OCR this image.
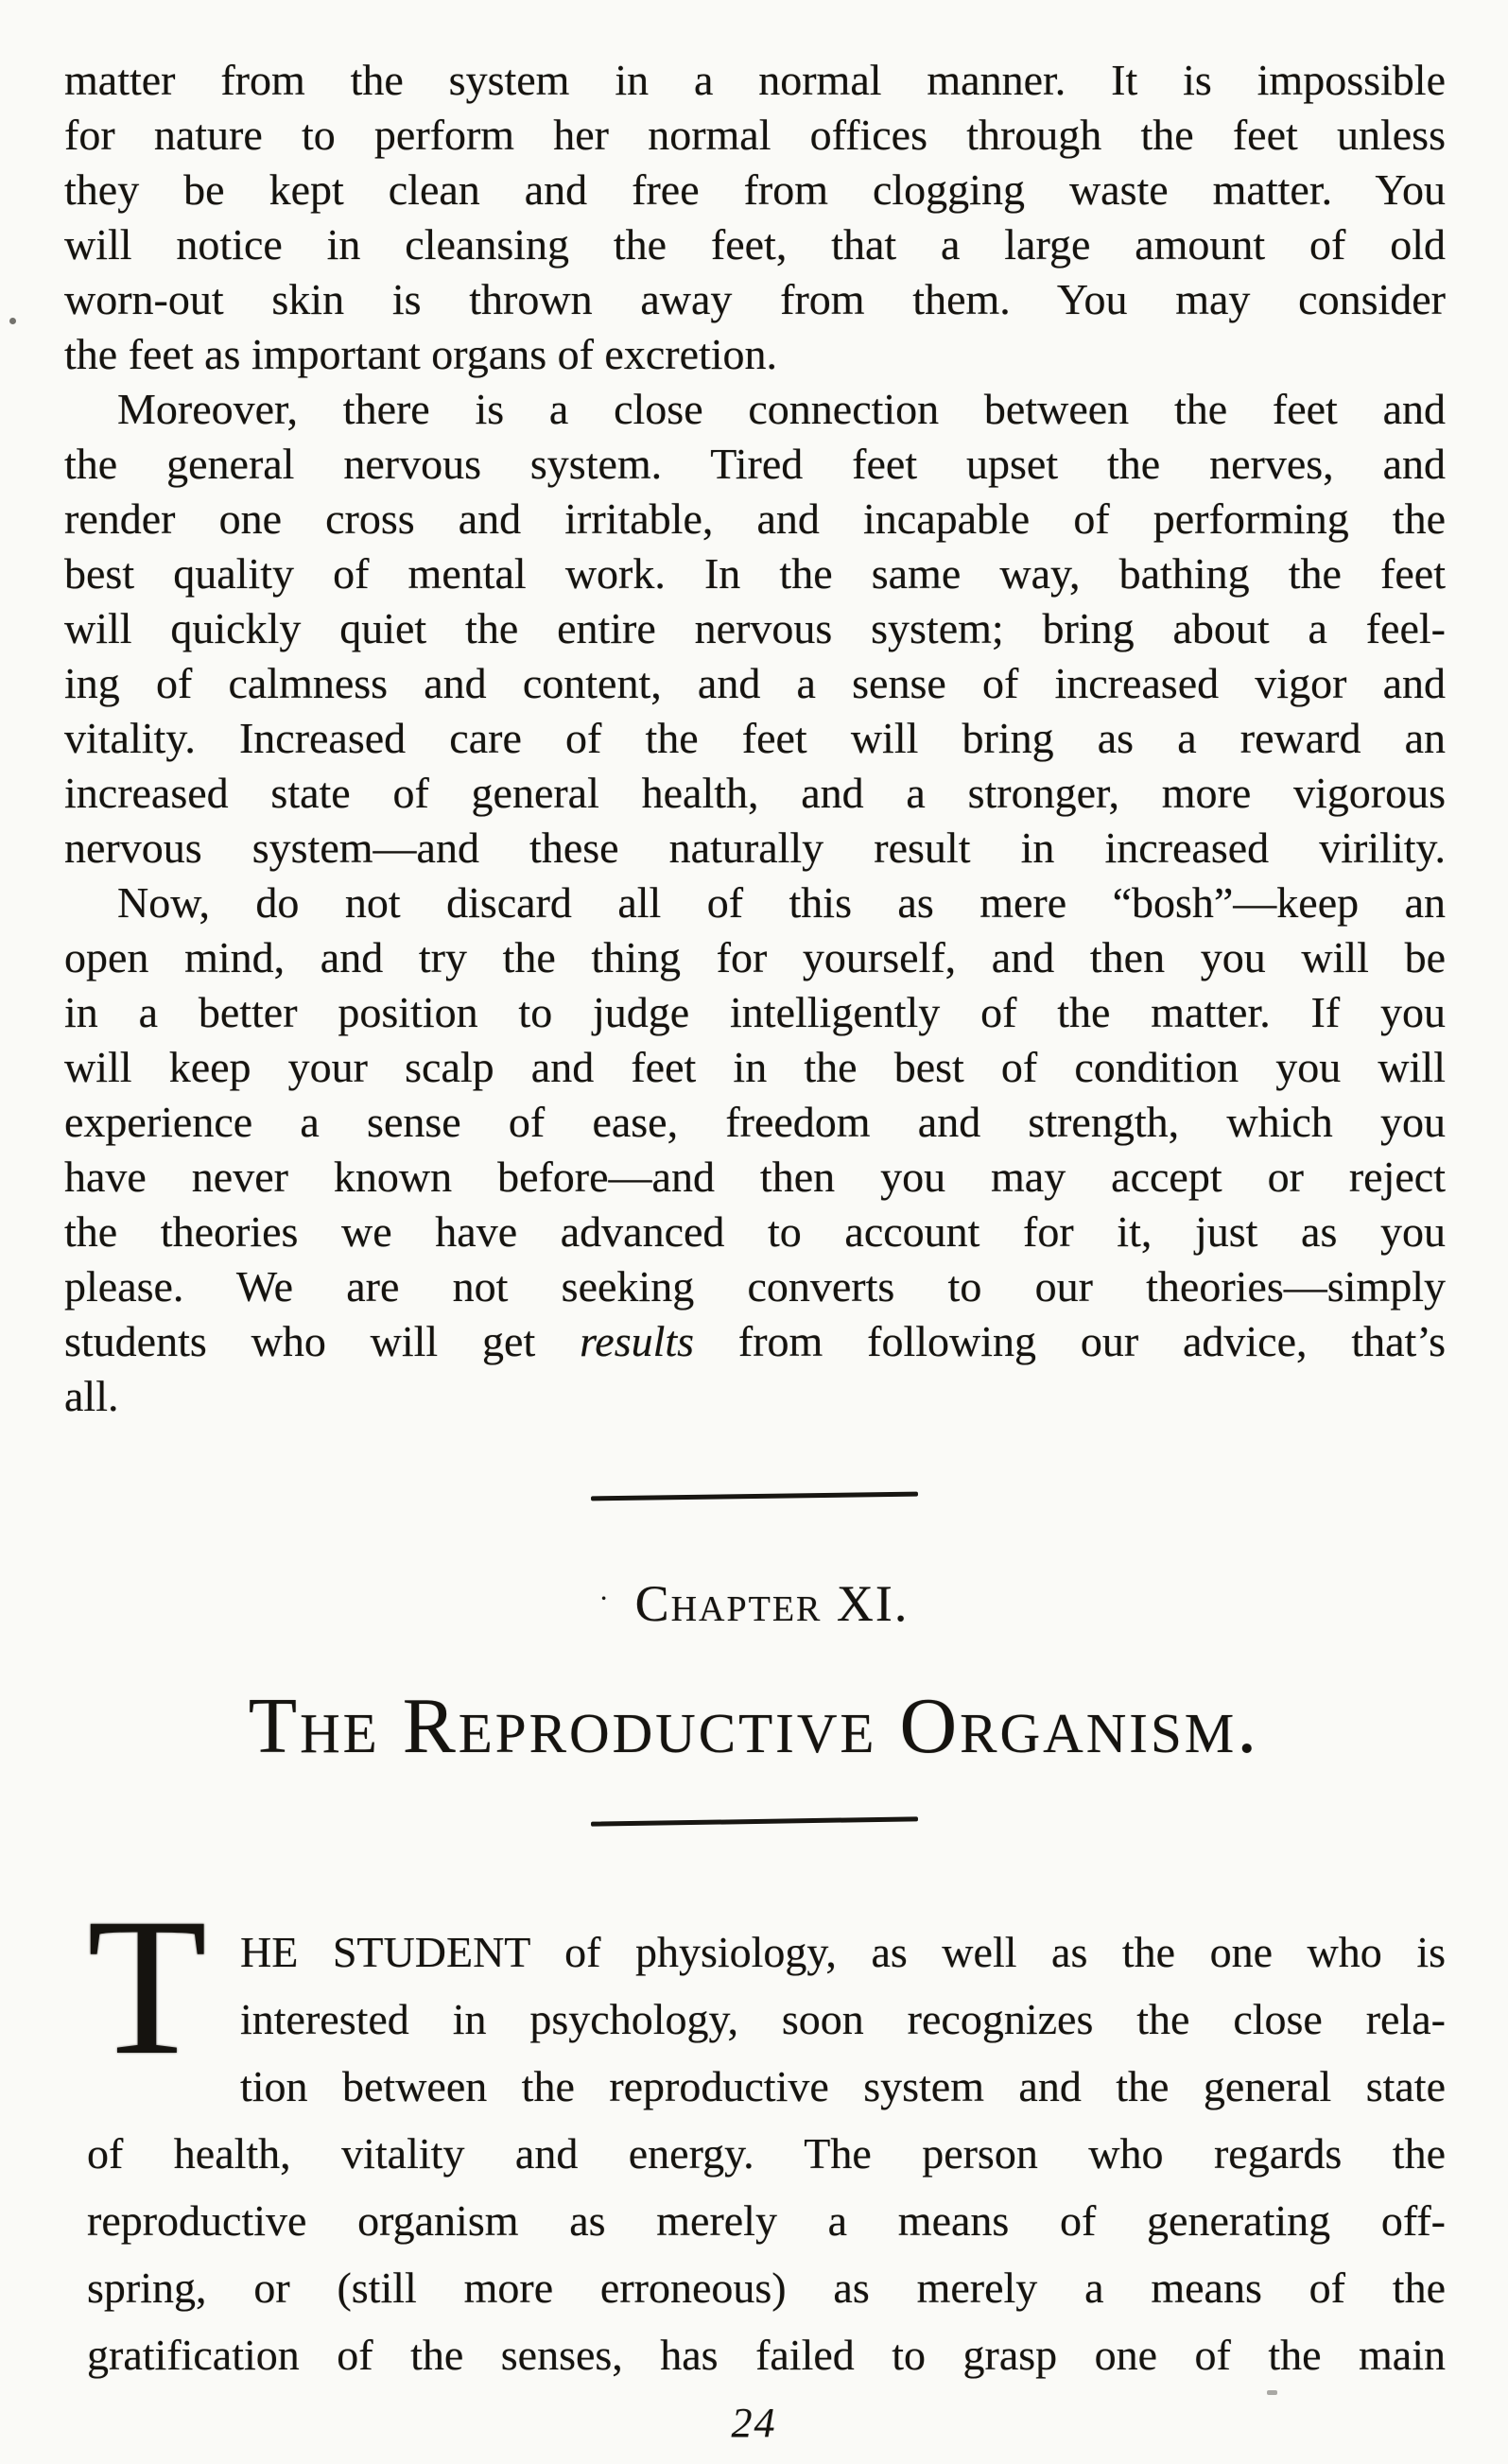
matter from the system in a normal manner. It is impossible
for nature to perform her normal offices through the feet unless
they be kept clean and free from clogging waste matter. You
will notice in cleansing the feet, that a large amount of old
worn-out skin is thrown away from them. You may consider
the feet as important organs of excretion.
Moreover, there is a close connection between the feet and
the general nervous system. Tired feet upset the nerves, and
render one cross and irritable, and incapable of performing the
best quality of mental work. In the same way, bathing the feet
will quickly quiet the entire nervous system; bring about a feel-
ing of calmness and content, and a sense of increased vigor and
vitality. Increased care of the feet will bring as a reward an
increased state of general health, and a stronger, more vigorous
nervous system—and these naturally result in increased virility.
Now, do not discard all of this as mere “bosh”—keep an
open mind, and try the thing for yourself, and then you will be
in a better position to judge intelligently of the matter. If you
will keep your scalp and feet in the best of condition you will
experience a sense of ease, freedom and strength, which you
have never known before—and then you may accept or reject
the theories we have advanced to account for it, just as you
please. We are not seeking converts to our theories—simply
students who will get results from following our advice, that’s
all.
· Chapter XI.
The Reproductive Organism.
T HE STUDENT of physiology, as well as the one who is
interested in psychology, soon recognizes the close rela-
tion between the reproductive system and the general state
of health, vitality and energy. The person who regards the
reproductive organism as merely a means of generating off-
spring, or (still more erroneous) as merely a means of the
gratification of the senses, has failed to grasp one of the main
24
